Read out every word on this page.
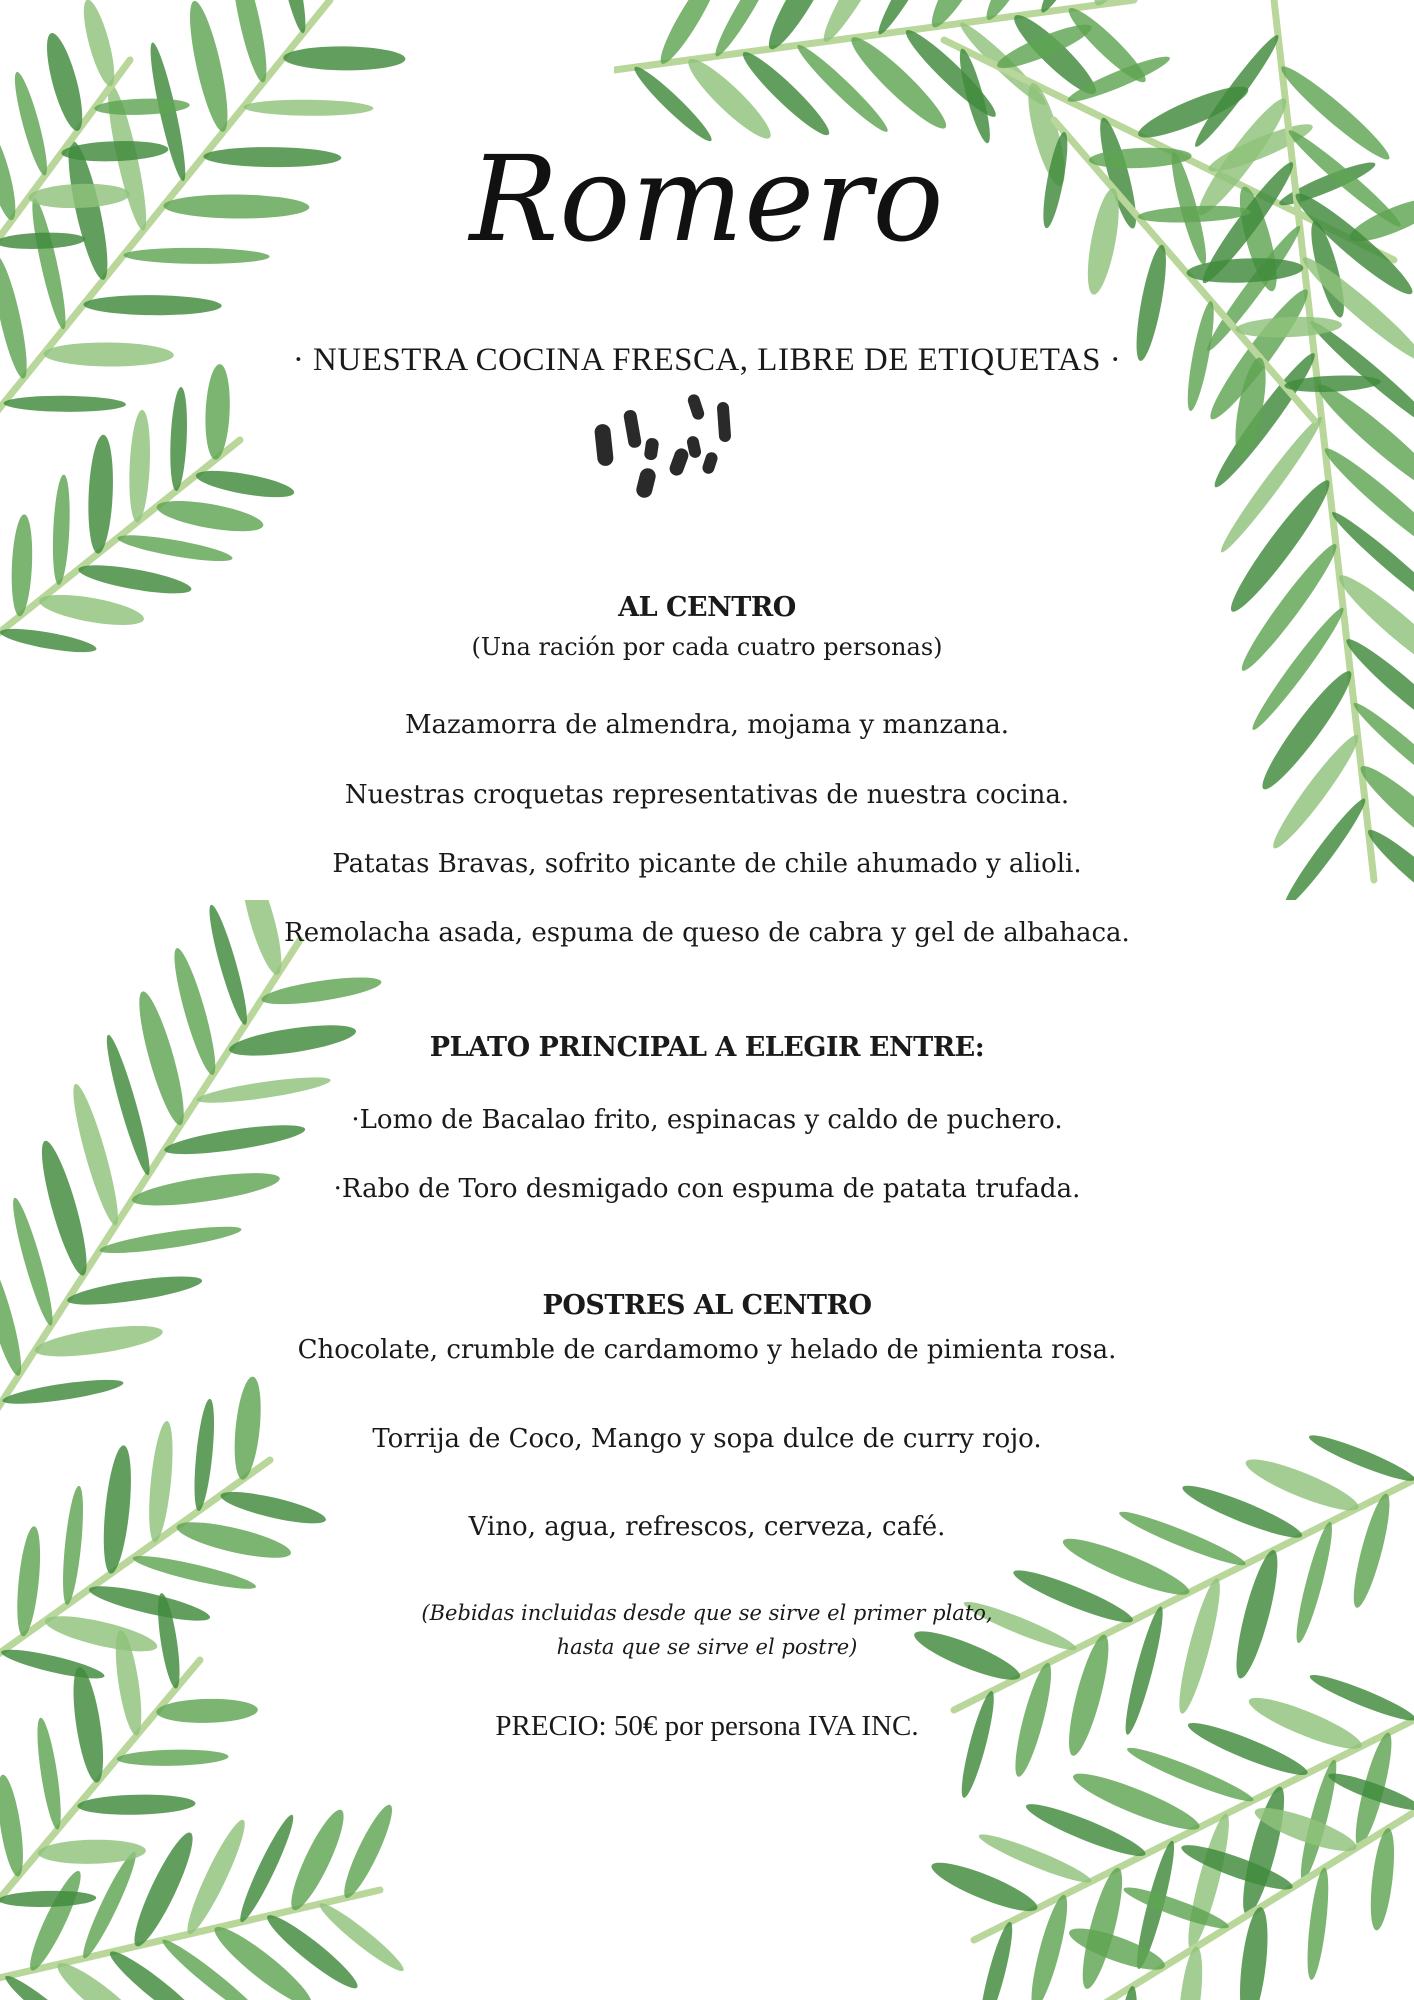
Romero

· NUESTRA COCINA FRESCA, LIBRE DE ETIQUETAS ·

AL CENTRO

(Una ración por cada cuatro personas)

Mazamorra de almendra, mojama y manzana.

Nuestras croquetas representativas de nuestra cocina.

Patatas Bravas, sofrito picante de chile ahumado y alioli.

Remolacha asada, espuma de queso de cabra y gel de albahaca.

PLATO PRINCIPAL A ELEGIR ENTRE:

·Lomo de Bacalao frito, espinacas y caldo de puchero.

·Rabo de Toro desmigado con espuma de patata trufada.

POSTRES AL CENTRO

Chocolate, crumble de cardamomo y helado de pimienta rosa.

Torrija de Coco, Mango y sopa dulce de curry rojo.

Vino, agua, refrescos, cerveza, café.

(Bebidas incluidas desde que se sirve el primer plato,

hasta que se sirve el postre)

PRECIO: 50€ por persona IVA INC.
